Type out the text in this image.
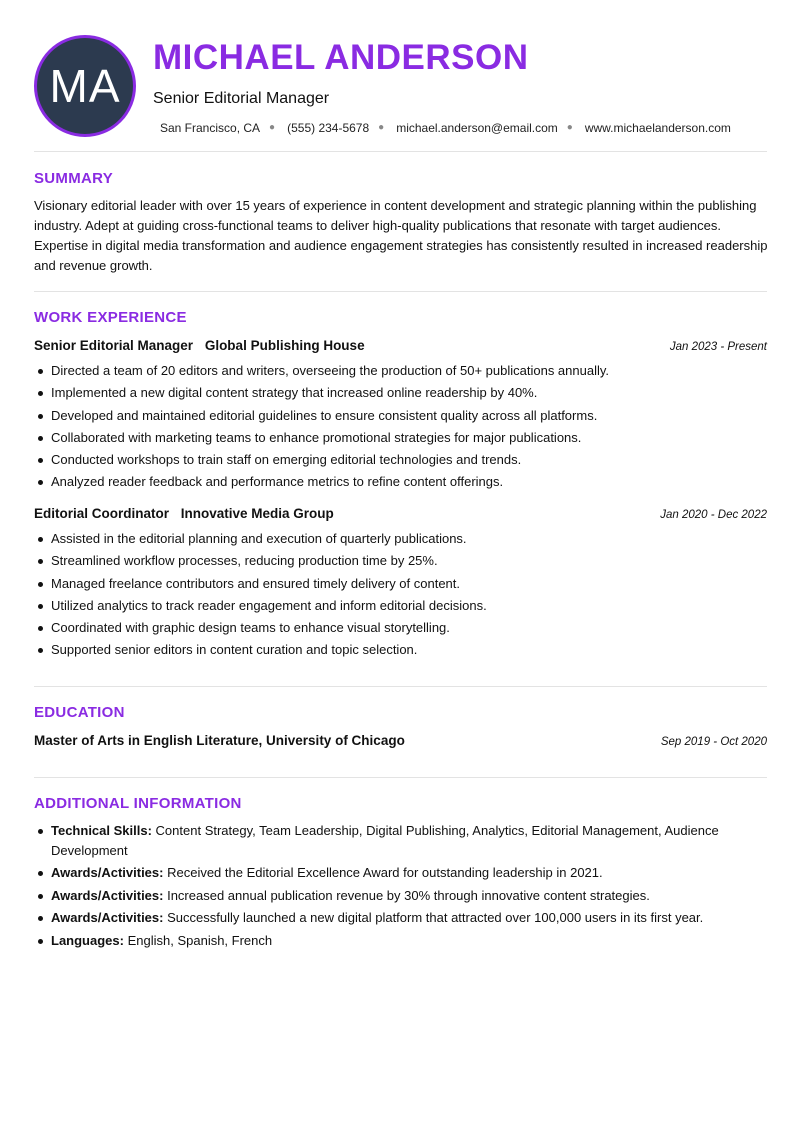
MA
MICHAEL ANDERSON

Senior Editorial Manager

San Francisco, CA ● (555) 234-5678 ● michael.anderson@email.com ● www.michaelanderson.com
SUMMARY

Visionary editorial leader with over 15 years of experience in content development and strategic planning within the publishing industry. Adept at guiding cross-functional teams to deliver high-quality publications that resonate with target audiences. Expertise in digital media transformation and audience engagement strategies has consistently resulted in increased readership and revenue growth.

WORK EXPERIENCE
Senior Editorial Manager Global Publishing House	Jan 2023 - Present
Directed a team of 20 editors and writers, overseeing the production of 50+ publications annually.
Implemented a new digital content strategy that increased online readership by 40%.
Developed and maintained editorial guidelines to ensure consistent quality across all platforms.
Collaborated with marketing teams to enhance promotional strategies for major publications.
Conducted workshops to train staff on emerging editorial technologies and trends.
Analyzed reader feedback and performance metrics to refine content offerings.
Editorial Coordinator Innovative Media Group	Jan 2020 - Dec 2022
Assisted in the editorial planning and execution of quarterly publications.
Streamlined workflow processes, reducing production time by 25%.
Managed freelance contributors and ensured timely delivery of content.
Utilized analytics to track reader engagement and inform editorial decisions.
Coordinated with graphic design teams to enhance visual storytelling.
Supported senior editors in content curation and topic selection.
EDUCATION
Master of Arts in English Literature, University of Chicago	Sep 2019 - Oct 2020
ADDITIONAL INFORMATION
Technical Skills: Content Strategy, Team Leadership, Digital Publishing, Analytics, Editorial Management, Audience Development
Awards/Activities: Received the Editorial Excellence Award for outstanding leadership in 2021.
Awards/Activities: Increased annual publication revenue by 30% through innovative content strategies.
Awards/Activities: Successfully launched a new digital platform that attracted over 100,000 users in its first year.
Languages: English, Spanish, French
